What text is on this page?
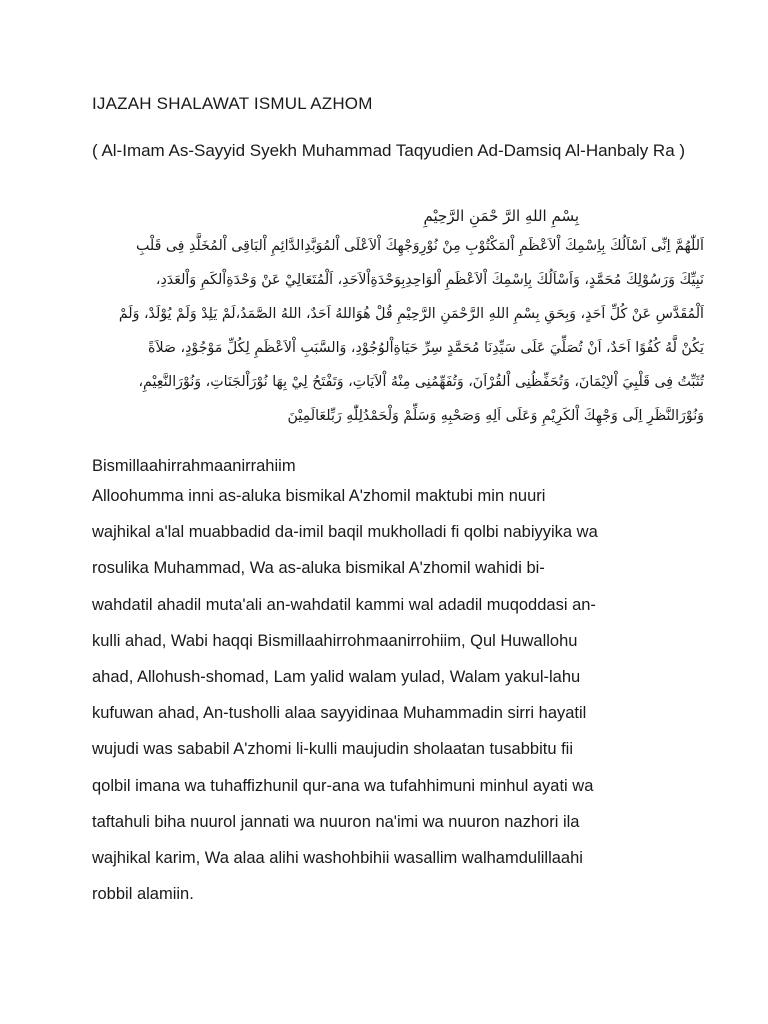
IJAZAH SHALAWAT ISMUL AZHOM
( Al-Imam As-Sayyid Syekh Muhammad Taqyudien Ad-Damsiq Al-Hanbaly Ra )
بِسْمِ اللهِ الرَّ حْمَنِ الرَّحِيْمِ
اَللّٰهُمَّ اِنِّى اَسْاَلُكَ بِاِسْمِكَ اْلاَعْظَمِ اْلمَكْتُوْبِ مِنْ نُوْرِوَجْهِكَ اْلاَعْلَى اْلمُوَبَّدِالدَّائِمِ اْلبَاقِى اْلمُخَلَّدِ فِى قَلْبِ
نَبِيِّكَ وَرَسُوْلِكَ مُحَمَّدٍ، وَاَسْاَلُكَ بِاِسْمِكَ اْلاَعْظَمِ اْلوَاحِدِبِوَحْدَةِاْلاَحَدِ، اَلْمُتَعَالِيْ عَنْ وَحْدَةِاْلكَمِ وَاْلعَدَدِ،
اَلْمُقَدَّسِ عَنْ كُلِّ اَحَدٍ، وَبِحَقِ بِسْمِ اللهِ الرَّحْمَنِ الرَّحِيْمِ قُلْ هُوَاللهُ اَحَدٌ، اللهُ الصَّمَدُ،لَمْ يَلِدْ وَلَمْ يُوْلَدْ، وَلَمْ
يَكُنْ لَّهُ كُفُوًا اَحَدٌ، اَنْ تُصَلِّيَ عَلَى سَيِّدِنَا مُحَمَّدٍ سِرِّ حَيَاةِاْلوُجُوْدِ، وَالسَّبَبِ اْلاَعْظَمِ لِكُلِّ مَوْجُوْدٍ، صَلاَةً
تُثَبِّتُ فِى قَلْبِيَ اْلاِيْمَانَ، وَتُحَفِّظُنِى اْلقُرْاَنَ، وَتُفَهِّمُنِى مِنْهُ اْلاَيَاتِ، وَتَفْتَحُ لِيْ بِهَا نُوْرَاْلجَنَاتِ، وَنُوْرَالنَّعِيْمِ،
وَنُوْرَالنَّظَرِ اِلَى وَجْهِكَ اْلكَرِيْمِ وَعَلَى اَلِهِ وَصَحْبِهِ وَسَلِّمْ وَلْحَمْدُلِلّٰهِ رَبِّلعَالَمِيْنَ
Bismillaahirrahmaanirrahiim
Alloohumma inni as-aluka bismikal A'zhomil maktubi min nuuri
wajhikal a'lal muabbadid da-imil baqil mukholladi fi qolbi nabiyyika wa
rosulika Muhammad, Wa as-aluka bismikal A'zhomil wahidi bi-
wahdatil ahadil muta'ali an-wahdatil kammi wal adadil muqoddasi an-
kulli ahad, Wabi haqqi Bismillaahirrohmaanirrohiim, Qul Huwallohu
ahad, Allohush-shomad, Lam yalid walam yulad, Walam yakul-lahu
kufuwan ahad, An-tusholli alaa sayyidinaa Muhammadin sirri hayatil
wujudi was sababil A'zhomi li-kulli maujudin sholaatan tusabbitu fii
qolbil imana wa tuhaffizhunil qur-ana wa tufahhimuni minhul ayati wa
taftahuli biha nuurol jannati wa nuuron na'imi wa nuuron nazhori ila
wajhikal karim, Wa alaa alihi washohbihii wasallim walhamdulillaahi
robbil alamiin.
